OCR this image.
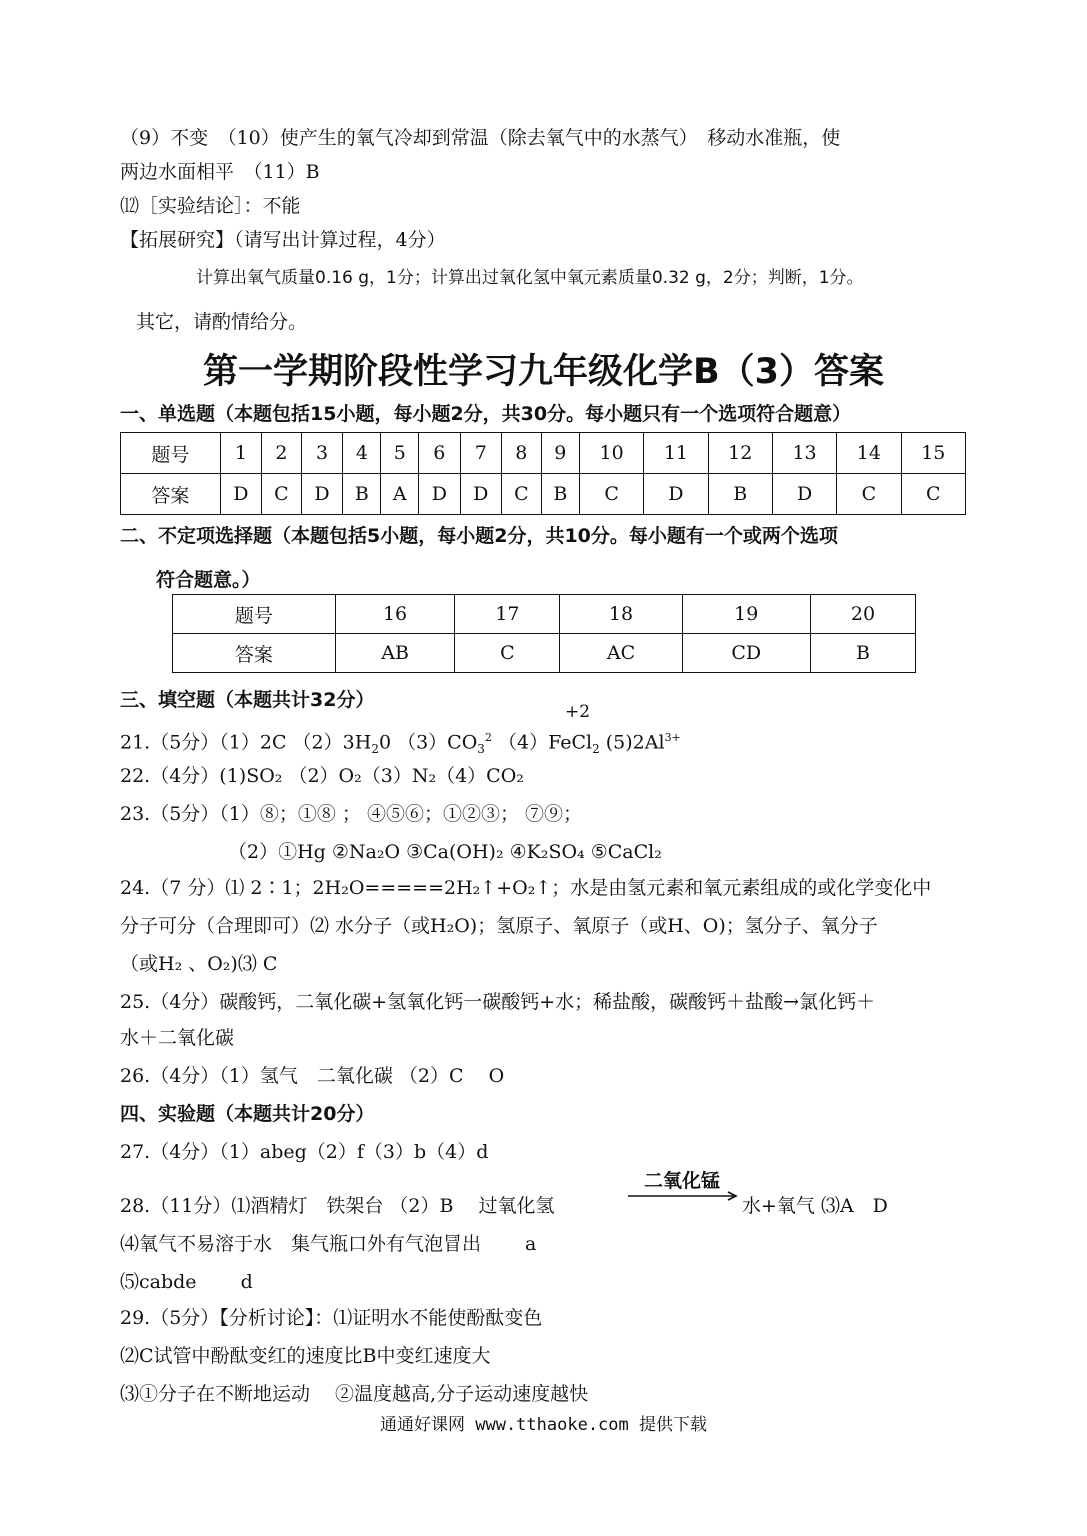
（9）不变　（10）使产生的氧气冷却到常温（除去氧气中的水蒸气）　移动水准瓶，使
两边水面相平　（11）B
⑿［实验结论］：不能
【拓展研究】（请写出计算过程，4分）
计算出氧气质量0.16 g，1分；计算出过氧化氢中氧元素质量0.32 g，2分；判断，1分。
其它，请酌情给分。
第一学期阶段性学习九年级化学B（3）答案
一、单选题（本题包括15小题，每小题2分，共30分。每小题只有一个选项符合题意）
题号	1	2	3	4	5	6	7	8	9	10	11	12	13	14	15
答案	D	C	D	B	A	D	D	C	B	C	D	B	D	C	C
二、不定项选择题（本题包括5小题，每小题2分，共10分。每小题有一个或两个选项
符合题意。）
题号	16	17	18	19	20
答案	AB	C	AC	CD	B
三、填空题（本题共计32分）
+2
21.（5分）（1）2C $(2)3H_20$ $(3)CO_3^2$ （4）FeCl$_2$ $(5)2Al^{3+}$
22.（4分）(1)SO₂ （2）O₂（3）N₂（4）CO₂
23.（5分）（1）⑧；①⑧ ； ④⑤⑥；①②③； ⑦⑨；
（2）①Hg ②Na₂O ③Ca(OH)₂ ④K₂SO₄ ⑤CaCl₂
24.（7 分）⑴ 2∶1；2H₂O=====2H₂↑+O₂↑；水是由氢元素和氧元素组成的或化学变化中
分子可分（合理即可）⑵ 水分子（或H₂O)；氢原子、氧原子（或H、O)；氢分子、氧分子
（或H₂ 、O₂)⑶ C
25.（4分）碳酸钙，二氧化碳+氢氧化钙一碳酸钙+水；稀盐酸，碳酸钙＋盐酸→氯化钙＋
水＋二氧化碳
26.（4分）（1）氢气　二氧化碳 （2）C　 O
四、实验题（本题共计20分）
27.（4分）（1）abeg（2）f（3）b（4）d
28.（11分）⑴酒精灯　铁架台 （2）B　 过氧化氢
二氧化锰
水+氧气 ⑶A　D
⑷氧气不易溶于水　集气瓶口外有气泡冒出　　 a
⑸cabde　　 d
29.（5分）【分析讨论】：⑴证明水不能使酚酞变色
⑵C试管中酚酞变红的速度比B中变红速度大
⑶①分子在不断地运动　 ②温度越高,分子运动速度越快
通通好课网 www.tthaoke.com 提供下载
